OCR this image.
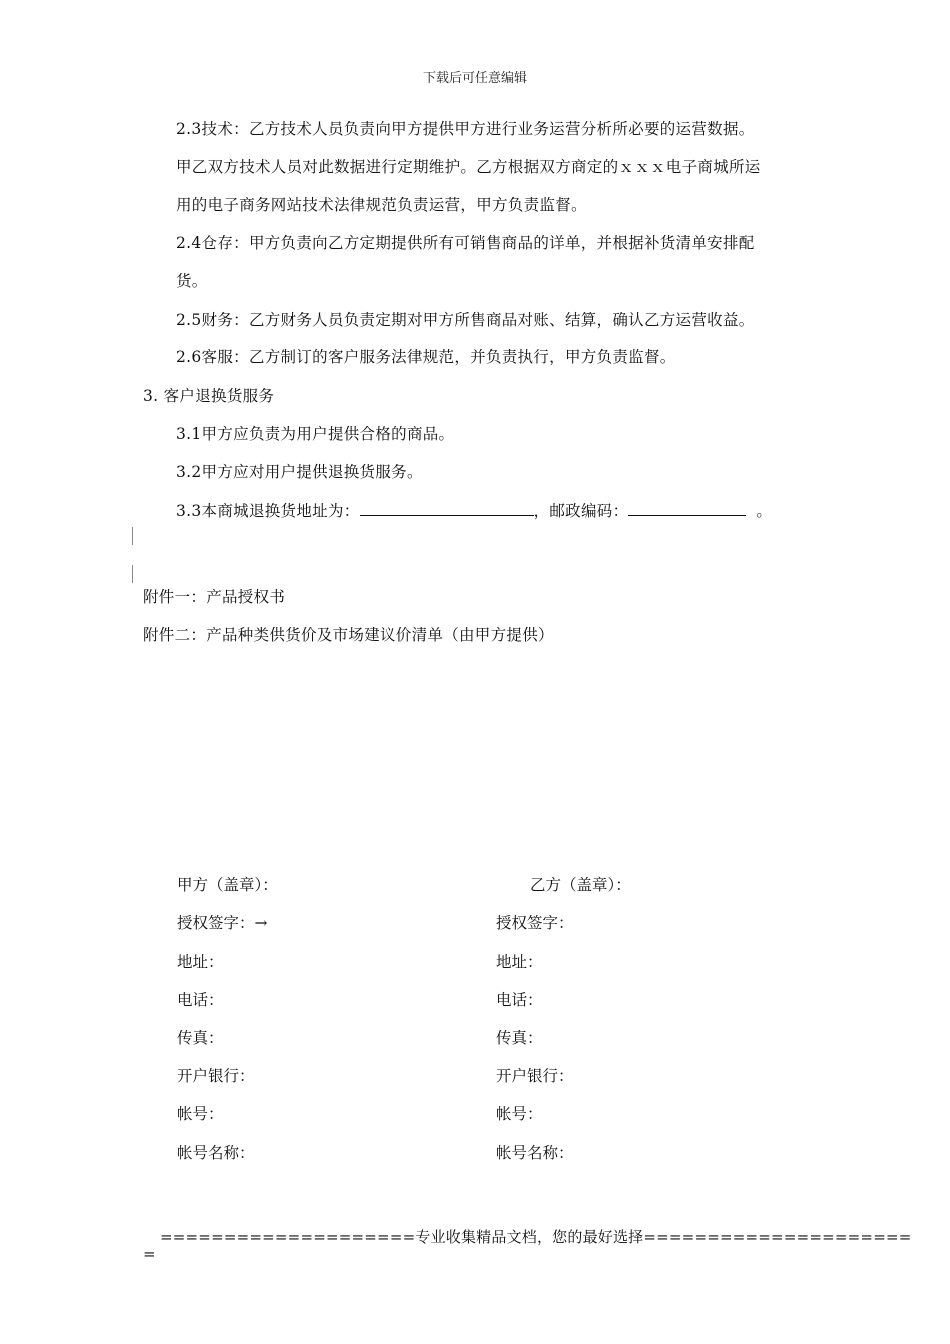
下载后可任意编辑
2.3技术：乙方技术人员负责向甲方提供甲方进行业务运营分析所必要的运营数据。
甲乙双方技术人员对此数据进行定期维护。乙方根据双方商定的ｘｘｘ电子商城所运
用的电子商务网站技术法律规范负责运营，甲方负责监督。
2.4仓存：甲方负责向乙方定期提供所有可销售商品的详单，并根据补货清单安排配
货。
2.5财务：乙方财务人员负责定期对甲方所售商品对账、结算，确认乙方运营收益。
2.6客服：乙方制订的客户服务法律规范，并负责执行，甲方负责监督。
3. 客户退换货服务
3.1甲方应负责为用户提供合格的商品。
3.2甲方应对用户提供退换货服务。
3.3本商城退换货地址为：	，邮政编码：	。
附件一：产品授权书
附件二：产品种类供货价及市场建议价清单（由甲方提供）
甲方（盖章）：
授权签字：→
地址：
电话：
传真：
开户银行：
帐号：
帐号名称：
乙方（盖章）：
授权签字：
地址：
电话：
传真：
开户银行：
帐号：
帐号名称：
====================专业收集精品文档，您的最好选择=====================
=
